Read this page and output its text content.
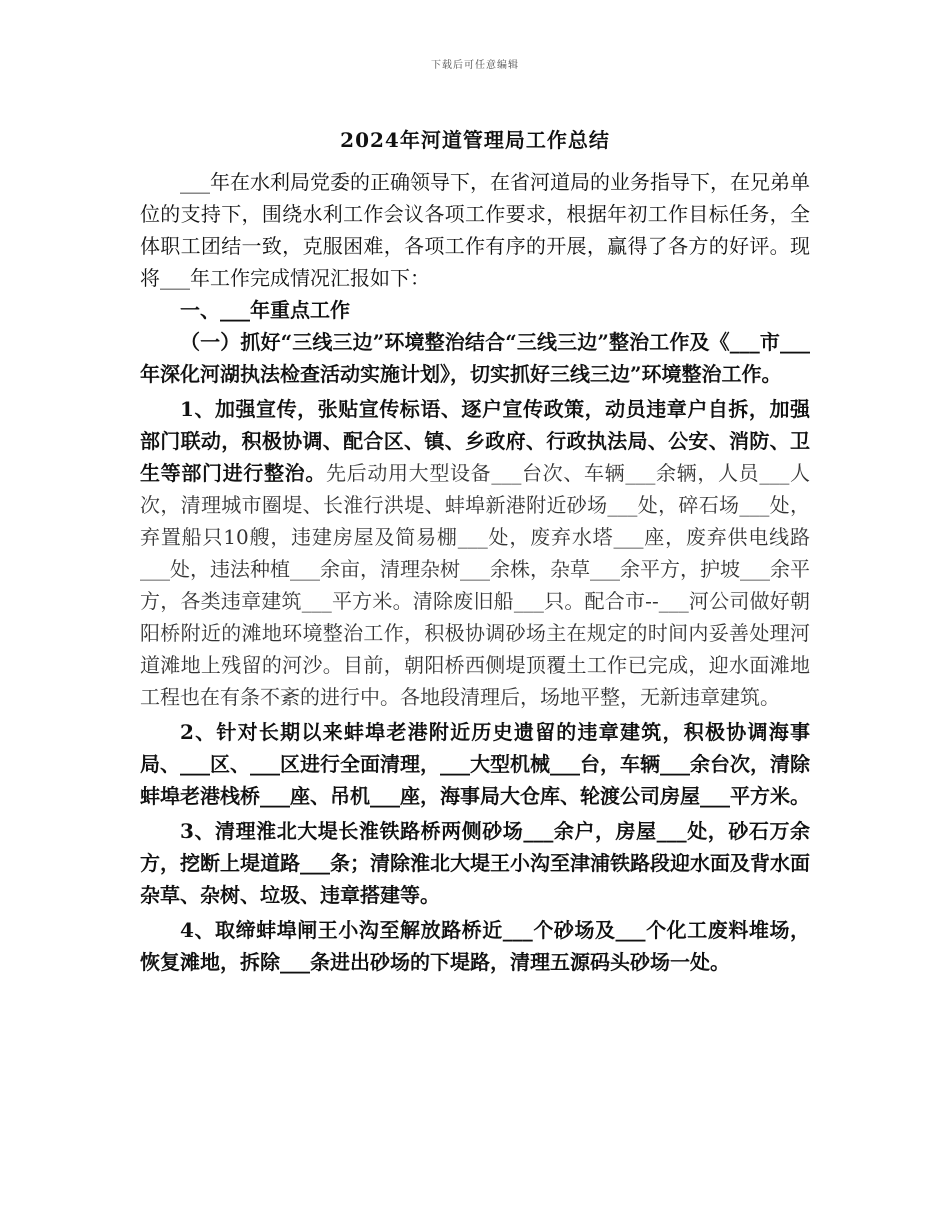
下载后可任意编辑
2024年河道管理局工作总结

___年在水利局党委的正确领导下，在省河道局的业务指导下，在兄弟单位的支持下，围绕水利工作会议各项工作要求，根据年初工作目标任务，全体职工团结一致，克服困难，各项工作有序的开展，赢得了各方的好评。现将___年工作完成情况汇报如下：

一、___年重点工作

（一）抓好“三线三边”环境整治结合“三线三边”整治工作及《___市___年深化河湖执法检查活动实施计划》，切实抓好三线三边”环境整治工作。

1、加强宣传，张贴宣传标语、逐户宣传政策，动员违章户自拆，加强部门联动，积极协调、配合区、镇、乡政府、行政执法局、公安、消防、卫生等部门进行整治。先后动用大型设备___台次、车辆___余辆，人员___人次，清理城市圈堤、长淮行洪堤、蚌埠新港附近砂场___处，碎石场___处，弃置船只10艘，违建房屋及简易棚___处，废弃水塔___座，废弃供电线路___处，违法种植___余亩，清理杂树___余株，杂草___余平方，护坡___余平方，各类违章建筑___平方米。清除废旧船___只。配合市--___河公司做好朝阳桥附近的滩地环境整治工作，积极协调砂场主在规定的时间内妥善处理河道滩地上残留的河沙。目前，朝阳桥西侧堤顶覆土工作已完成，迎水面滩地工程也在有条不紊的进行中。各地段清理后，场地平整，无新违章建筑。

2、针对长期以来蚌埠老港附近历史遗留的违章建筑，积极协调海事局、___区、___区进行全面清理，___大型机械___台，车辆___余台次，清除蚌埠老港栈桥___座、吊机___座，海事局大仓库、轮渡公司房屋___平方米。

3、清理淮北大堤长淮铁路桥两侧砂场___余户，房屋___处，砂石万余方，挖断上堤道路___条；清除淮北大堤王小沟至津浦铁路段迎水面及背水面杂草、杂树、垃圾、违章搭建等。

4、取缔蚌埠闸王小沟至解放路桥近___个砂场及___个化工废料堆场，恢复滩地，拆除___条进出砂场的下堤路，清理五源码头砂场一处。
